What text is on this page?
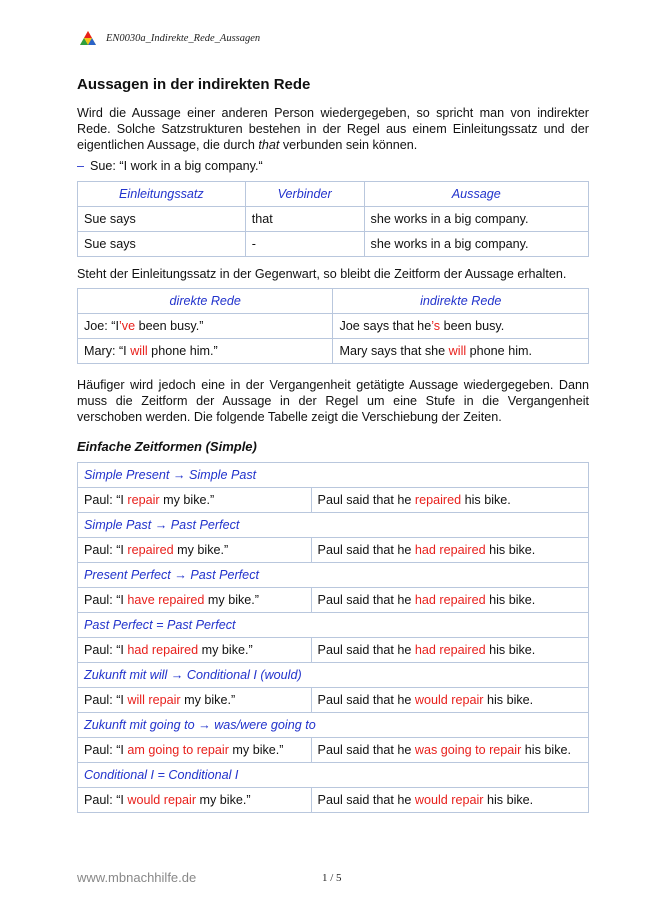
EN0030a_Indirekte_Rede_Aussagen
Aussagen in der indirekten Rede

Wird die Aussage einer anderen Person wiedergegeben, so spricht man von indirekter Rede. Solche Satzstrukturen bestehen in der Regel aus einem Einleitungssatz und der eigentlichen Aussage, die durch that verbunden sein können.

– Sue: “I work in a big company.“
Einleitungssatz	Verbinder	Aussage
Sue says	that	she works in a big company.
Sue says	-	she works in a big company.

Steht der Einleitungssatz in der Gegenwart, so bleibt die Zeitform der Aussage erhalten.

direkte Rede	indirekte Rede
Joe: “I’ve been busy.”	Joe says that he’s been busy.
Mary: “I will phone him.”	Mary says that she will phone him.

Häufiger wird jedoch eine in der Vergangenheit getätigte Aussage wiedergegeben. Dann muss die Zeitform der Aussage in der Regel um eine Stufe in die Vergangenheit verschoben werden. Die folgende Tabelle zeigt die Verschiebung der Zeiten.

Einfache Zeitformen (Simple)
Simple Present → Simple Past	
Paul: “I repair my bike.”	Paul said that he repaired his bike.
Simple Past → Past Perfect	
Paul: “I repaired my bike.”	Paul said that he had repaired his bike.
Present Perfect → Past Perfect	
Paul: “I have repaired my bike.”	Paul said that he had repaired his bike.
Past Perfect = Past Perfect	
Paul: “I had repaired my bike.”	Paul said that he had repaired his bike.
Zukunft mit will → Conditional I (would)	
Paul: “I will repair my bike.”	Paul said that he would repair his bike.
Zukunft mit going to → was/were going to	
Paul: “I am going to repair my bike.”	Paul said that he was going to repair his bike.
Conditional I = Conditional I	
Paul: “I would repair my bike.”	Paul said that he would repair his bike.
www.mbnachhilfe.de	1 / 5
